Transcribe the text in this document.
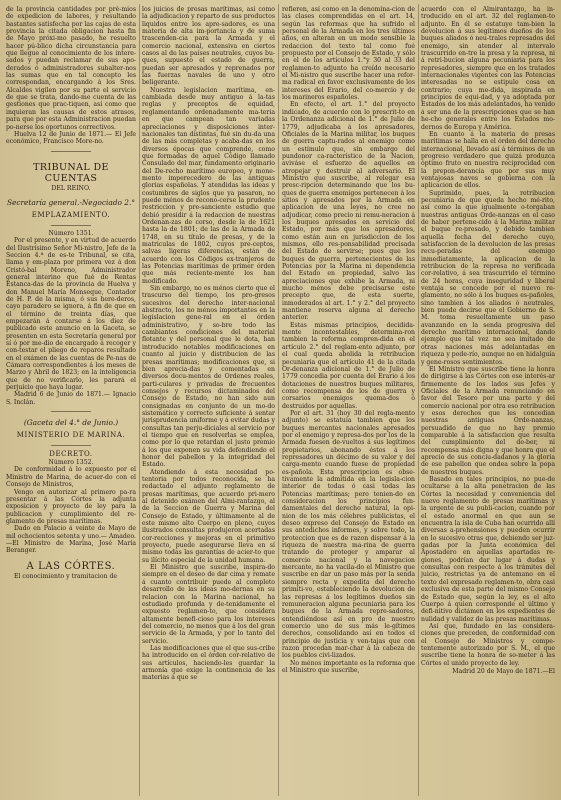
de la provincia cantidades por pré-mios de expedicion de labores, y resultando bastantes satisfecha por las cajas de esta provincia la citada obligacion hasta fin de Mayo próxi-mo pasado, he resuelto hacer pú-blico dicha circunstancia para que llegue al conocimiento de los intere-sados y puedan reclamar de sus apo-derados ó administradores subalter-nos las sumas que en tal concepto les correspondan, encargando á los Sres. Alcaldes vigilen por su parte el servicio de que se trata, dando-me cuenta de las gestiones que prac-tiquen, así como que inquieran las causas de estos atrasos, para que por esta Administracion puedan po-nerse los oportunos correctivos.

Huelva 12 de Junio de 1871.— El Jefe económico, Francisco More-no.

TRIBUNAL DE CUENTAS
DEL REINO.
Secretaría general.-Negociado 2.°
EMPLAZAMIENTO.

Número 1351.

Por el presente, y en virtud de acuerdo del Ilustrísimo Señor Mi-nistro, Jefe de la Seccion 4.ª de es-te Tribunal, se cita, llama y em-plaza por primera vez á don Cristó-bal Moreno, Administrador general interino que fué de Rentas Estanca-das de la provincia de Huelva y don Manuel María Monseque, Contador de H. P. de la misma, ó sus here-deros, cayo paradero se ignora, á fin de que en el término de treinta días, que empezarán á contarse á los diez de publicado este anuncio en la Gaceta, se presenten en esta Secretaría general por sí ó por me-dio de encargado á recoger y con-testar el pliego de reparos resultado en el exámen de las cuentas de Pe-nas de Cámara correspondientes á los meses de Marzo y Abril de 1823; en la inteligencia que de no verificarlo, les parará el perjuicio que haya lugar.

Madrid 6 de Junio de 1871.— Ignacio S. Inclán.

(Gaceta del 4.° de Junio.)
MINISTERIO DE MARINA.
DECRETO.

Número 1352.

De conformidad á lo expuesto por el Ministro de Marina, de acuer-do con el Consejo de Ministros,

Vengo en autorizar al primero pa-ra presentar á las Córtes la adjunta exposicion y proyecto de ley para la publicacion y cumplimiento del re-glamento de presas marítimas.

Dado en Palacio á veinte de Mayo de mil ochocientos setenta y uno.— Amadeo.—El Ministro de Marina, José María Beranger.

A LAS CÓRTES.

El conocimiento y tramitacion de

los juicios de presas marítimas, así como la adjudicacion y reparto de sus productos liquidos entre los apre-sadores, es una materia de alta im-portancia y de suma trascenden-cia para la Armada y el comercio nacional, extensiva en ciertos casos al de las países neutrales, cuyos bu-ques, supuesto el estado de guerra, puedan ser apresados y reprenados por las fuerzas navales de uno y otro beligerante.

Nuestra legislacion marítima, en-cambiada desde muy antiguo á la-tas reglas y preceptos de equidad, reglamentando ordenadamente ma-teria en que campean tan variadas apreciaciones y disposiciones inter-nacionales tan distintas, fué sin du-da una de las más completas y acaba-das en los diversos épocas que comprende, como que formadas de aquel Código llamado Consulado del mar, fundamento originario del De-recho marítimo europeo, y mone-mento imperecedero de las antiguas glorias españolas. Y atendidas las ideas y costumbres de siglos que ya pasaron, no puede ménos de recono-cerse la prudente restriccion y pre-sanciente estudio que debió presidir á la redaccion de nuestras Ordenan-zas de corso, desde la de 1621 hasta la de 1801; de las de la Armada de 1748, en su título de presas, y de la matriculas de 1802, cuyos pre-ceptos, salvas ligeras diferencias, están de acuerdo con los Códigos ex-tranjeros de las Potencias marítimas de primer órden que más reciente-mente los han modificado.

Sin embargo, no es ménos cierto que el trascurso del tiempo, los pro-gresos sucesivos del derecho inter-nacional abstracto, los no ménos importantes en la legislacion gene-ral en el órden administrativo, y so-bre todo las cambiantes condiciones del material flotante y del personal que le dota, han introducido notables modificaciones en cuanto al juicio y distribucion de las presas marítimas; modificaciones que, si bien aprecia-das y comentadas en diversos docu-mentos de Ordenes reales, parti-culares y privadas de frecuentes consejos y recursos dictaminados del Consejo de Estado, no han sido aun consignadas en conjunto de un mo-do sistemático y correcto suficiente á sentar jurisprudencia uniforme y á evitar dudas y consultas tan perju-diciales al servicio por el tiempo que en resolverlas se emplea, como por lo que retardan el justo premio á los que exponen su vida defendiendo el honor del pabellon y la integridad del Estado.

Atendiendo á esta necesidad po-tentoria por todos reconocida, se ha redactado el adjunto reglamento de presas marítimas, que acuerdo pri-mero al detenido exámen del Almi-rantazgo, al de la Seccion de Guerra y Marina del Consejo de Estado, y últimamente al de este mismo alto Cuerpo en pleno, cuyos ilustrados consultas produjeron acertadas cor-recciones y mejoras en el primitivo proyecto, puede asegurarse lleva en sí mismo todas las garantías de acier-to que su ilícito especial de la unidad humana.

El Ministro que suscribe, inspira-do siempre en el deseo de dar cima y remate á cuanto contribuir puede al completo desarrollo de las ideas mo-dernas en su relacion con la Marina nacional, ha estudiado profunda y de-tenidamente el expuesto reglamen-to, que considera altamente benefi-cioso para los intereses del comercio, no menos que á los del gran servicio de la Armada, y por lo tanto del servicio.

Las modificaciones que el que sus-cribe ha introducido en el órden cor-relativo de sus artículos, haciendo-les guardar la armonía que exige la continencia de las materias á que se

refieren, así como en la denomina-cion de las clases comprendidas en el art. 14, según las reformas que ha sufrido el personal de la Armada en los tres últimos años, en alteran en un modo sensible la redaccion del texto tal como fué propuesto por el Consejo de Estado, y sólo en el de los artículos 1.°y 30 al 33 del reglamen-to adjunto ha creído necesario el Mi-nistro que suscribe hacer una refor-ma radical en favor exclusivamente de los intereses del Erario, del co-mercio y de los marineros españoles.

En efecto, el art. 1.° del proyecto indicado, de acuerdo con lo prescrit-to en la Ordenanza adicional de 1.° de Julio de 1779, adjudicaba á los apresadores, Oficiales de la Marina militar, los buques de guerra captu-rados al enemigo como un estímulo que, sin embargo del pundonor ca-racterístico de la Nacion, aviváse el esfuerzo de aquellos en atropejar y destruir al adversario. El Ministro que suscribe, al relegar esa presc-ripcion determinando que los bu-ques de guerra enemigos pertenecen á los sitios y apresados por la Armada en aplicacion de una leyes, no cree no adjudicar, como precio ni remu-neracion á los buques apresados en servicio del Estado, por más que los apresadores, como están aun en jurisdiccion de los mismos, ello res-ponsabilidad precisada del Estado de servirse; pues que los buques de guerra, pertenecientes de las Potencias por la Marina ni dependencia del Estado en propiedad, salvo las apreciaciones que exhibe la Armada, ni mucho ménos debe precisarse este precepto que, de esta suerte, inmoderados al art. 1.° y 2.° del proyecto mantiene reserva alguna al derecho anterior.

Estas mismas principios, decidida-mente incontestables, determina-ron tambien la reforma compren-dida en el artículo 2.° del reglam-ento adjunto, por el cual queda abolida la retribucion pecuniaria que el artículo 41 de la citada Or-denanza adicional de 1.° de Julio de 1779 concedia por cuenta del Erario á los dotaciones de nuestros buques militares, como recompensa de los de guerra y corsarios enemigos quema-dos ó destruidos por aquellas.

Por el art. 31 (hoy 30 del regla-mento adjunto) se estatuía tambien que los buques mercantes nacionales apresados por el enemigo y represa-dos por los de la Armada fuesen de-vueltos á sus legítimos propietarios, abonando éstos á los represadores un décimo de su valor y del carga-mento cuando fuese de propiedad es-pañola. Esta prescripcion es obse-tivamente la admitida en la legisla-cion interior de todas ó casi todas las Potencias marítimas; pero tenien-do en consideracion los principios fun-damentales del derecho natural, la opi-nion de los más célebres publicistas, el deseo expreso del Consejo de Estado en sus antedichos informes, y sobre todo, la proteccion que es de razon dispensar á la riqueza de nuestra ma-rina de guerra tratando de proteger y amparar al comercio nacional y la navegacion mercante, no ha vacila-do el Ministro que suscribe en dar un paso más por la senda siempre recta y expedita del derecho primiti-vo, estableciendo la devolucion de las represas á los legítimos dueños sin remuneracion alguna pecuniaria para los buques de la Armada repre-sadores, entendiéndose así en pro de nuestro comercio uno de sus más le-gítimos derechos, consolidando así en todos el principio de justicia y ven-tajas que con razon procedan mar-char á la cabeza de los pueblos civi-lizados.

No ménos importante es la reforma que el Ministro que suscribe,

acuerdo con el Almirantazgo, ha in-troducido en el art. 32 del reglamen-to adjunto. En él se estatuye tam-bien la devolucion á sus legítimos dueños de los buques aliados ó neu-trales represados del enemigo, sin atender al intervalo trascurrido en-tre la presa y la represa, ni á retri-bucion alguna pecuniaria para los represadores, siempre que en los tratados internacionales vigentes con las Potencias interesadas no se estipule cosa en contrario; cuya me-dida, inspirada en principios de equi-dad, y ya adoptada por Estados de los más adelantados, ha venido á ser una de la prescripciones que se han he-cho generales entre los Estados mo-dernos de Europa y América.

En cuanto á la materia de presas marítimas se halla en el órden del derecho internacional, llevado así á términos de un progreso verdadero que quizá produzca óptimo fruto en nuestra reciprocidad con la prepon-derancia que por sus muy ventajosas naves se gobierna con la aplicacion de ellos.

Suprimido, pues, la retribucion pecuniaria de que queda hecho mé-rito, así como la que igualmente o-torgaban nuestras antiguas Orde-nanzas en el caso de haber pertene-cido á la Marina militar el buque re-presado, y debido tambien aquella fecha del derecho cuyo, satisfaccion de la devolucion de las presas recu-peradas del enemigo inmediatamente, la aplicacion de la retribucion de la represa no verificada cor-relativo, á sea trascurrido el término de 24 horas, cuya inseguridad y liberal ventaja se concede por el nuevo re-glamento, no sólo á los buques es-pañoles, sino tambien á los aliados ó neutrales, bien puede decirse que el Gobierno de S. M. toma resueltamente un paso avanzando en la senda progresiva del derecho marítimo internacional, dando ejemplo que tal vez no sea imitado de otras naciones más adelantadas en riqueza y pode-río, aunque no en hidalguía y gene-rosos sentimientos.

El Ministro que suscribe tiene la honra de dirigirse á las Córtes con ese interés-ar firmemente de los lados sus Jefes y Oficiales de la Armada renunciando en favor del Tesoro por una parte y del comercio nacional por otra eso retribucion y esos derechos que les concedian nuestras antiguas Orde-nanzas, persuadido de que no hay premio comparable á la satisfaccion que resulta del cumplimiento del de-ber, ni recompensa más digna y que honra que el aprecio de sus conciu-dadanos y la gloria de ese pabellon que ondea sobre la popa de nuestros buques.

Basado en tales principios, no pue-de ocultarse á la alta penetracion de las Córtes la necesidad y conveniencia del nuevo reglamento de presas marítimas y la urgente de su publi-cacion, cuando por el estado anormal en que aun se encuentra la isla de Cuba han ocurrido allí diversas a-prehensiones y pueden ocurrir en lo sucesivo otras que, debiendo ser juz-gadas por la Junta económica del Apostadero en aquellas apartadas re-giones, podrían dar lugar á dudas y consultas con respecto á los trámites del juicio, restrictas ya de antemano en el texto del expresado reglamen-to, obra casi exclusiva de esta parte del mismo Consejo de Estado que, según la ley, es el alto Cuerpo á quien corresponde el último y defi-nitivo dictámen en los expedientes de nulidad y validez de las presas marítimas.

Así que, fundado en las considera-ciones que preceden, de conformidad con el Consejo de Ministros y compe-tentemente autorizado por S. M., el que suscribe tiene la honra de so-meter á las Córtes el unido proyecto de ley.

Madrid 20 de Mayo de 1871.—El
